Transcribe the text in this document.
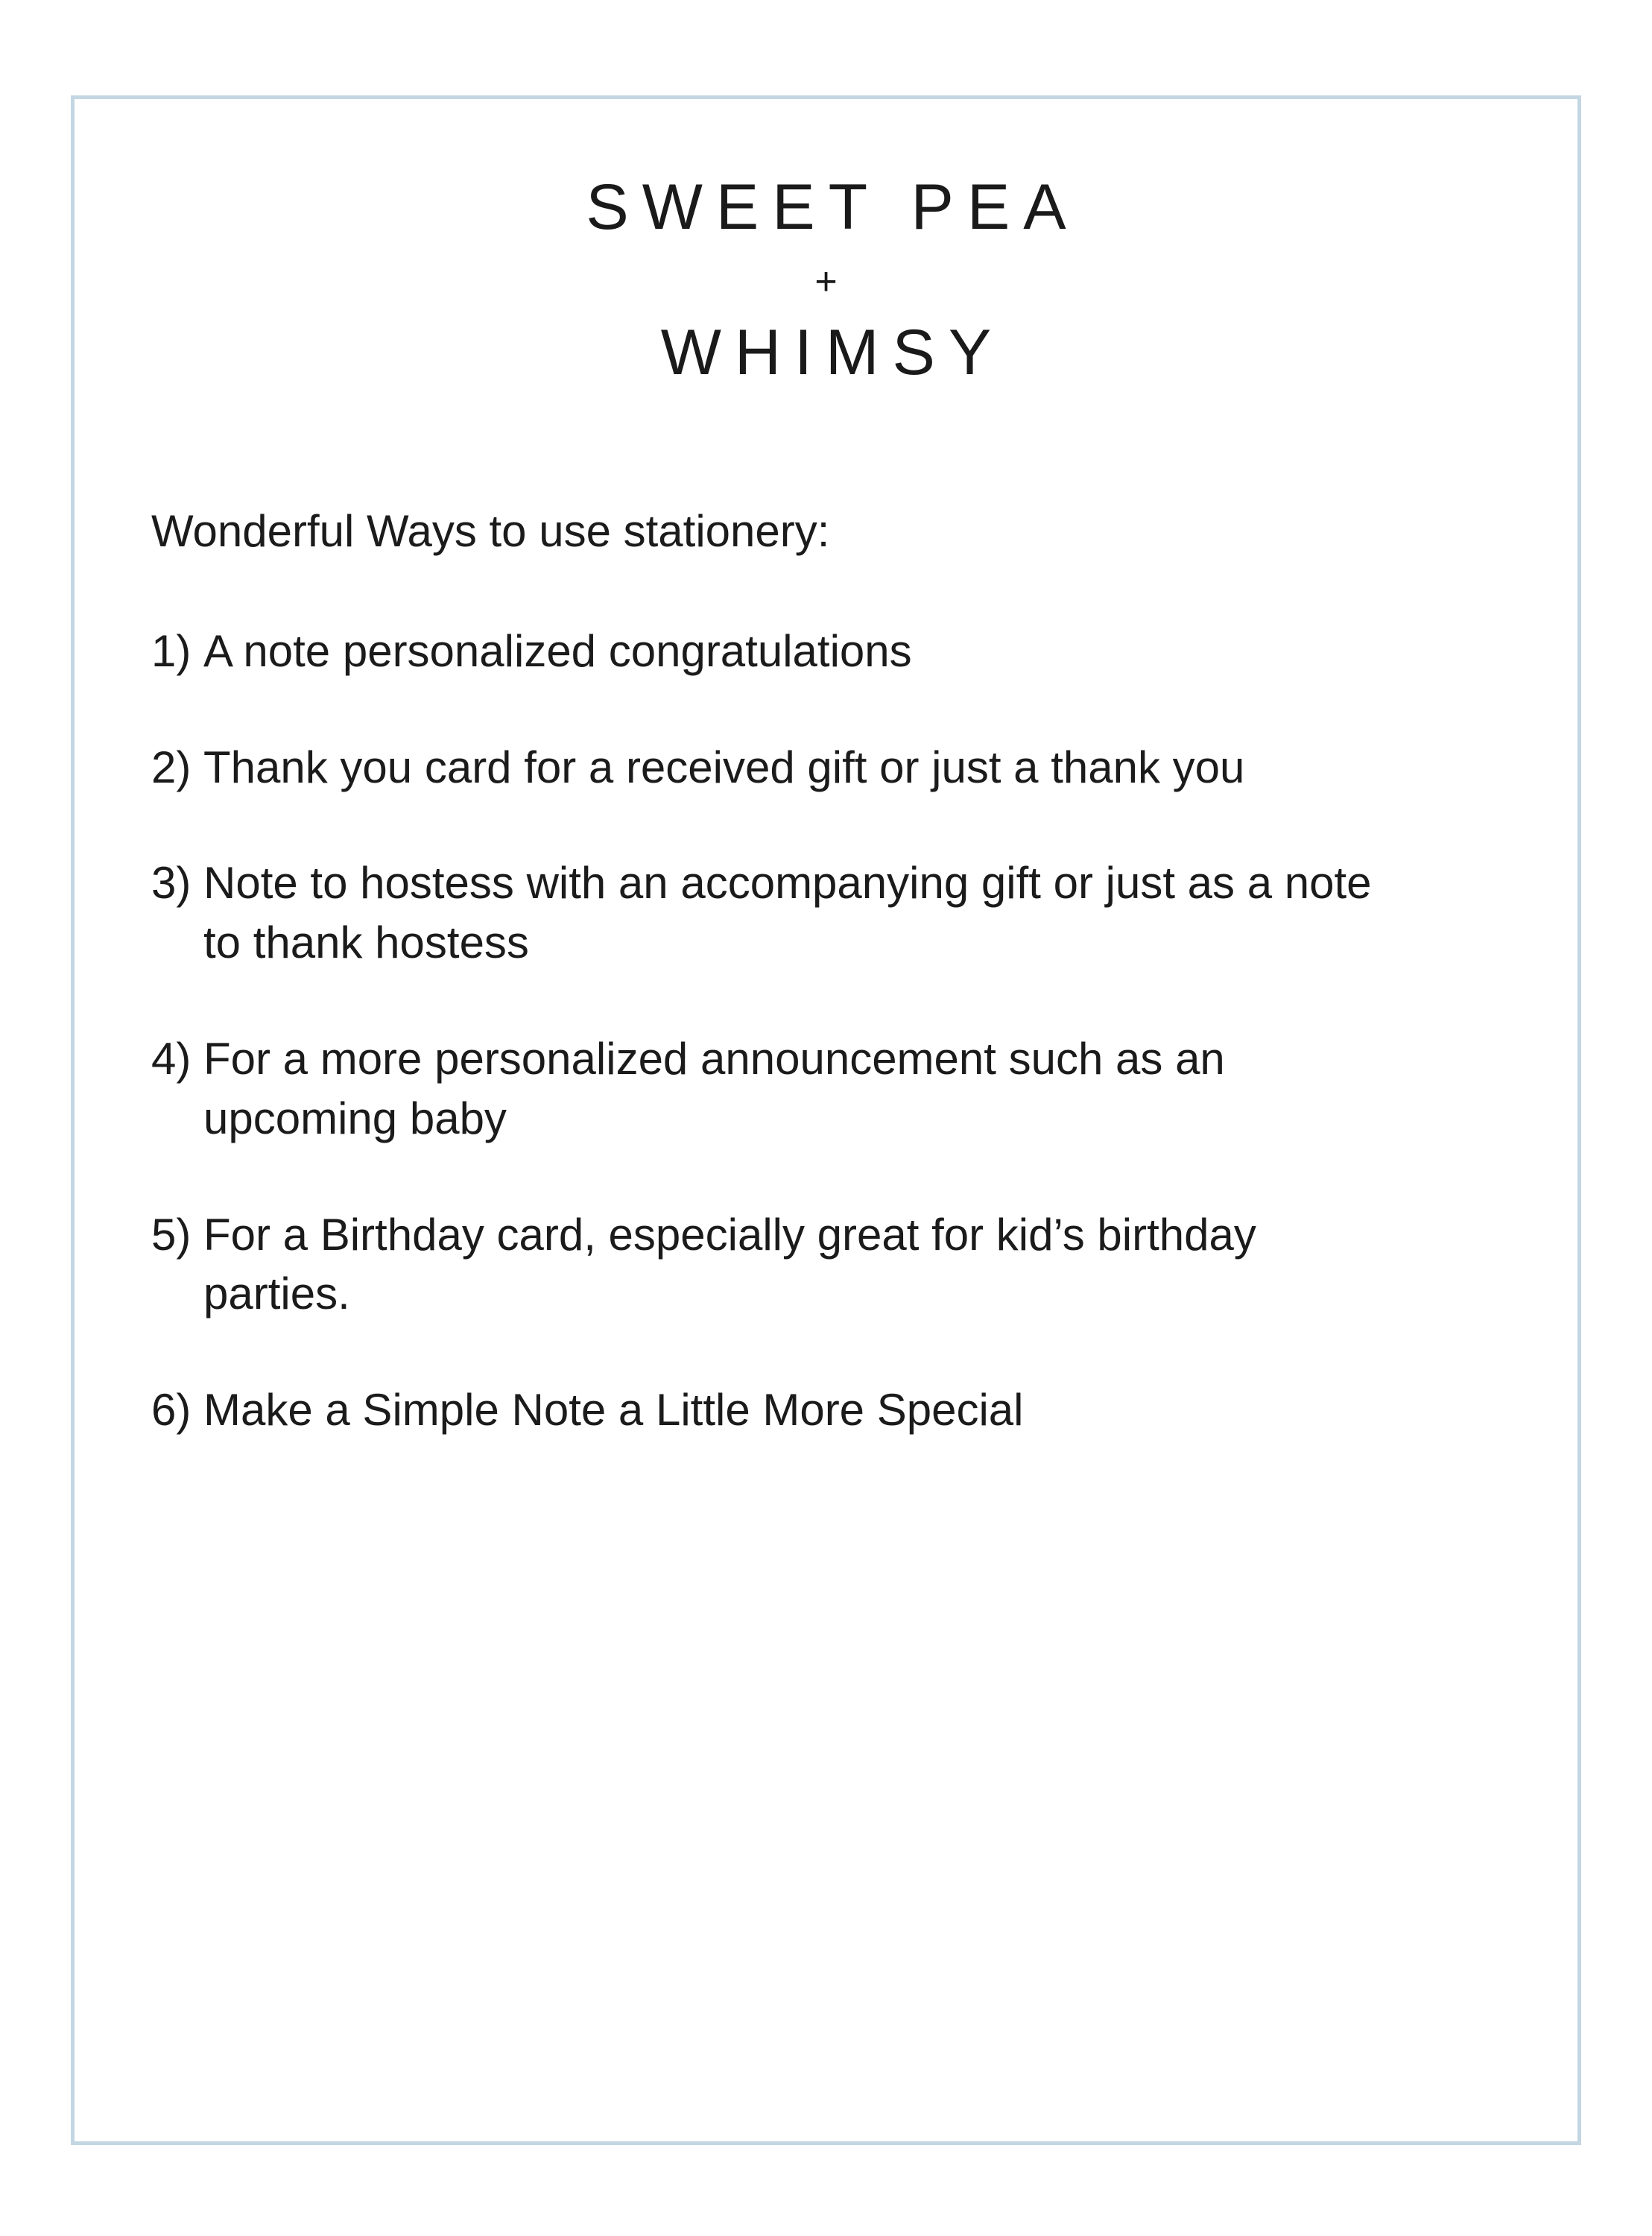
SWEET PEA
+
WHIMSY
Wonderful Ways to use stationery:
1) A note personalized congratulations
2) Thank you card for a received gift or just a thank you
3) Note to hostess with an accompanying gift or just as a note to thank hostess
4) For a more personalized announcement such as an upcoming baby
5) For a Birthday card, especially great for kid’s birthday parties.
6) Make a Simple Note a Little More Special
